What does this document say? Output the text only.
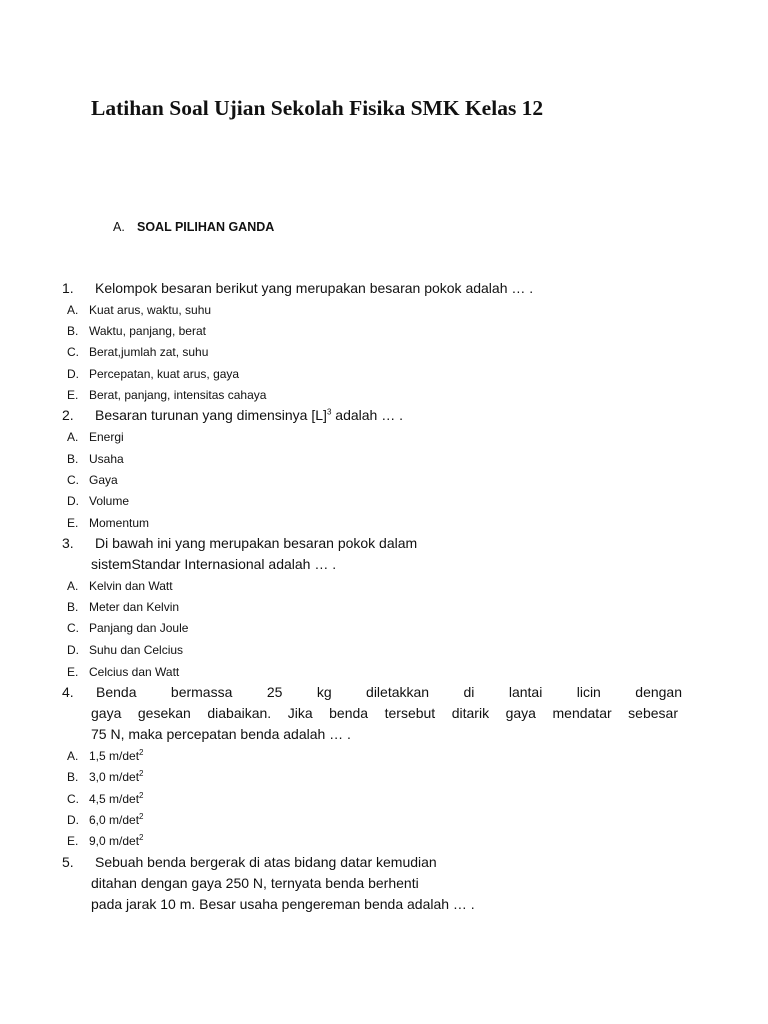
Latihan Soal Ujian Sekolah Fisika SMK Kelas 12
A. SOAL PILIHAN GANDA
1. Kelompok besaran berikut yang merupakan besaran pokok adalah … .
A. Kuat arus, waktu, suhu
B. Waktu, panjang, berat
C. Berat,jumlah zat, suhu
D. Percepatan, kuat arus, gaya
E. Berat, panjang, intensitas cahaya
2. Besaran turunan yang dimensinya $[L]^3$ adalah … .
A. Energi
B. Usaha
C. Gaya
D. Volume
E. Momentum
3. Di bawah ini yang merupakan besaran pokok dalam
sistemStandar Internasional adalah … .
A. Kelvin dan Watt
B. Meter dan Kelvin
C. Panjang dan Joule
D. Suhu dan Celcius
E. Celcius dan Watt
4. Benda bermassa 25 kg diletakkan di lantai licin dengan
gaya gesekan diabaikan. Jika benda tersebut ditarik gaya mendatar sebesar
75 N, maka percepatan benda adalah … .
A. 1,5 $m/\det^2$
B. 3,0 $m/\det^2$
C. 4,5 $m/\det^2$
D. 6,0 $m/\det^2$
E. 9,0 $m/\det^2$
5. Sebuah benda bergerak di atas bidang datar kemudian
ditahan dengan gaya 250 N, ternyata benda berhenti
pada jarak 10 m. Besar usaha pengereman benda adalah … .
